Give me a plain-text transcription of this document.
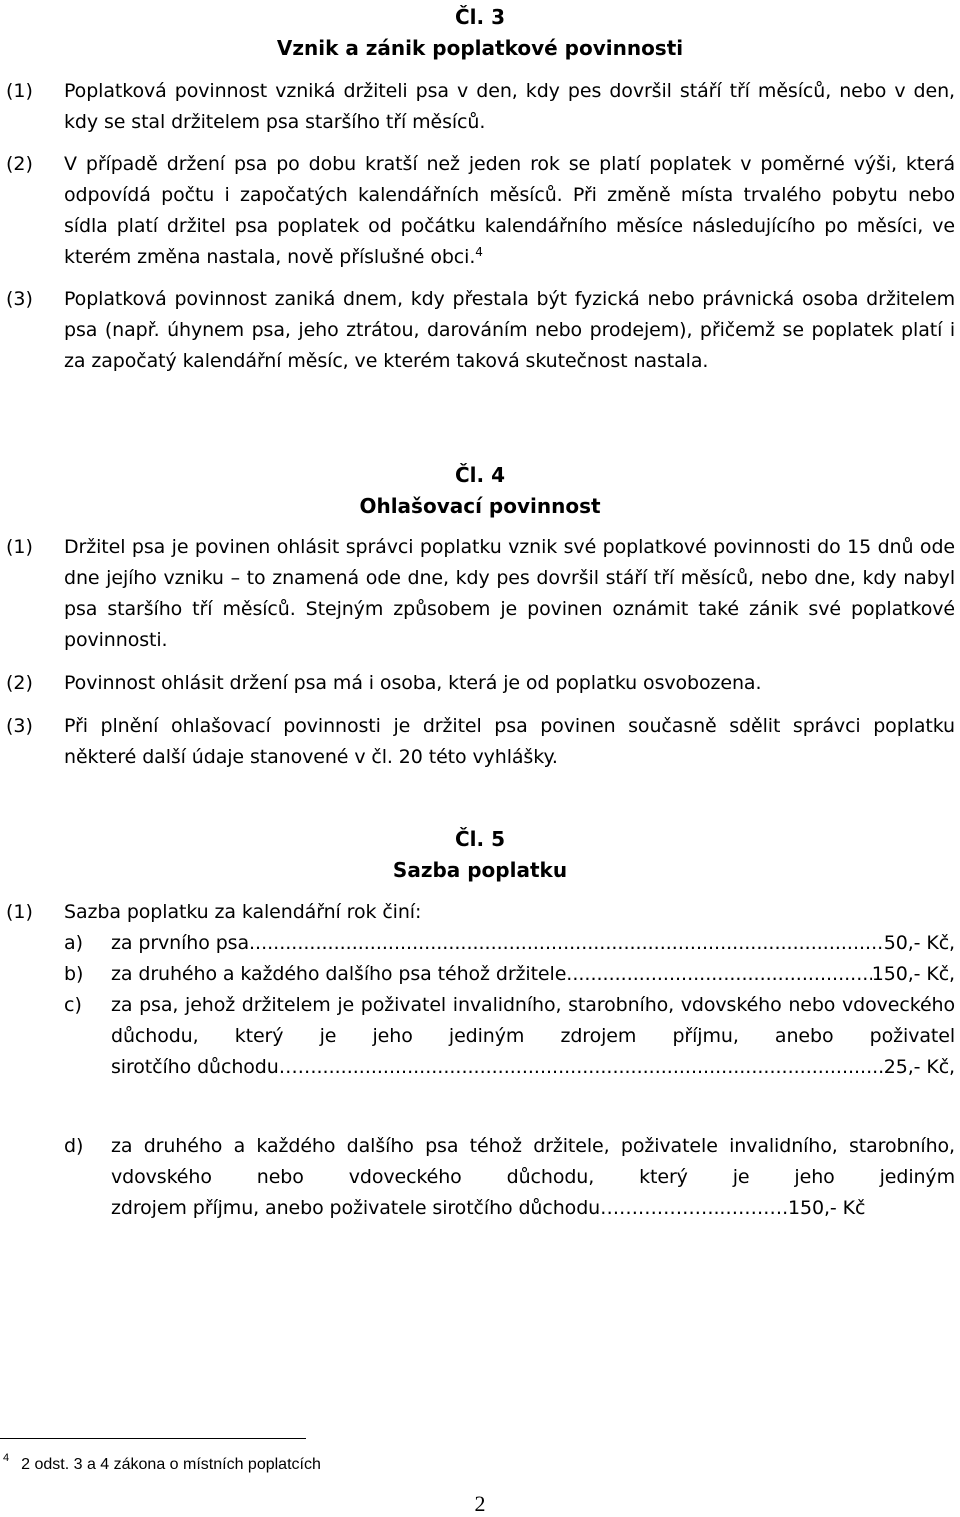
Čl. 3
Vznik a zánik poplatkové povinnosti
(1) Poplatková povinnost vzniká držiteli psa v den, kdy pes dovršil stáří tří měsíců, nebo v den, kdy se stal držitelem psa staršího tří měsíců.
(2) V případě držení psa po dobu kratší než jeden rok se platí poplatek v poměrné výši, která odpovídá počtu i započatých kalendářních měsíců. Při změně místa trvalého pobytu nebo sídla platí držitel psa poplatek od počátku kalendářního měsíce následujícího po měsíci, ve kterém změna nastala, nově příslušné obci.$^4$
(3) Poplatková povinnost zaniká dnem, kdy přestala být fyzická nebo právnická osoba držitelem psa (např. úhynem psa, jeho ztrátou, darováním nebo prodejem), přičemž se poplatek platí i za započatý kalendářní měsíc, ve kterém taková skutečnost nastala.
Čl. 4
Ohlašovací povinnost
(1) Držitel psa je povinen ohlásit správci poplatku vznik své poplatkové povinnosti do 15 dnů ode dne jejího vzniku – to znamená ode dne, kdy pes dovršil stáří tří měsíců, nebo dne, kdy nabyl psa staršího tří měsíců. Stejným způsobem je povinen oznámit také zánik své poplatkové povinnosti.
(2) Povinnost ohlásit držení psa má i osoba, která je od poplatku osvobozena.
(3) Při plnění ohlašovací povinnosti je držitel psa povinen současně sdělit správci poplatku některé další údaje stanovené v čl. 20 této vyhlášky.
Čl. 5
Sazba poplatku
(1) Sazba poplatku za kalendářní rok činí:
a) za prvního psa .....	50,- Kč,
b) za druhého a každého dalšího psa téhož držitele .....	150,- Kč,
c) za psa, jehož držitelem je poživatel invalidního, starobního, vdovského nebo vdoveckého důchodu, který je jeho jediným zdrojem příjmu, anebo poživatel
sirotčího důchodu…… .....	25,- Kč,
d) za druhého a každého dalšího psa téhož držitele, poživatele invalidního, starobního, vdovského nebo vdoveckého důchodu, který je jeho jediným
zdrojem příjmu, anebo poživatele sirotčího důchodu………………..……….150,- Kč
$^4$ 2 odst. 3 a 4 zákona o místních poplatcích
2
